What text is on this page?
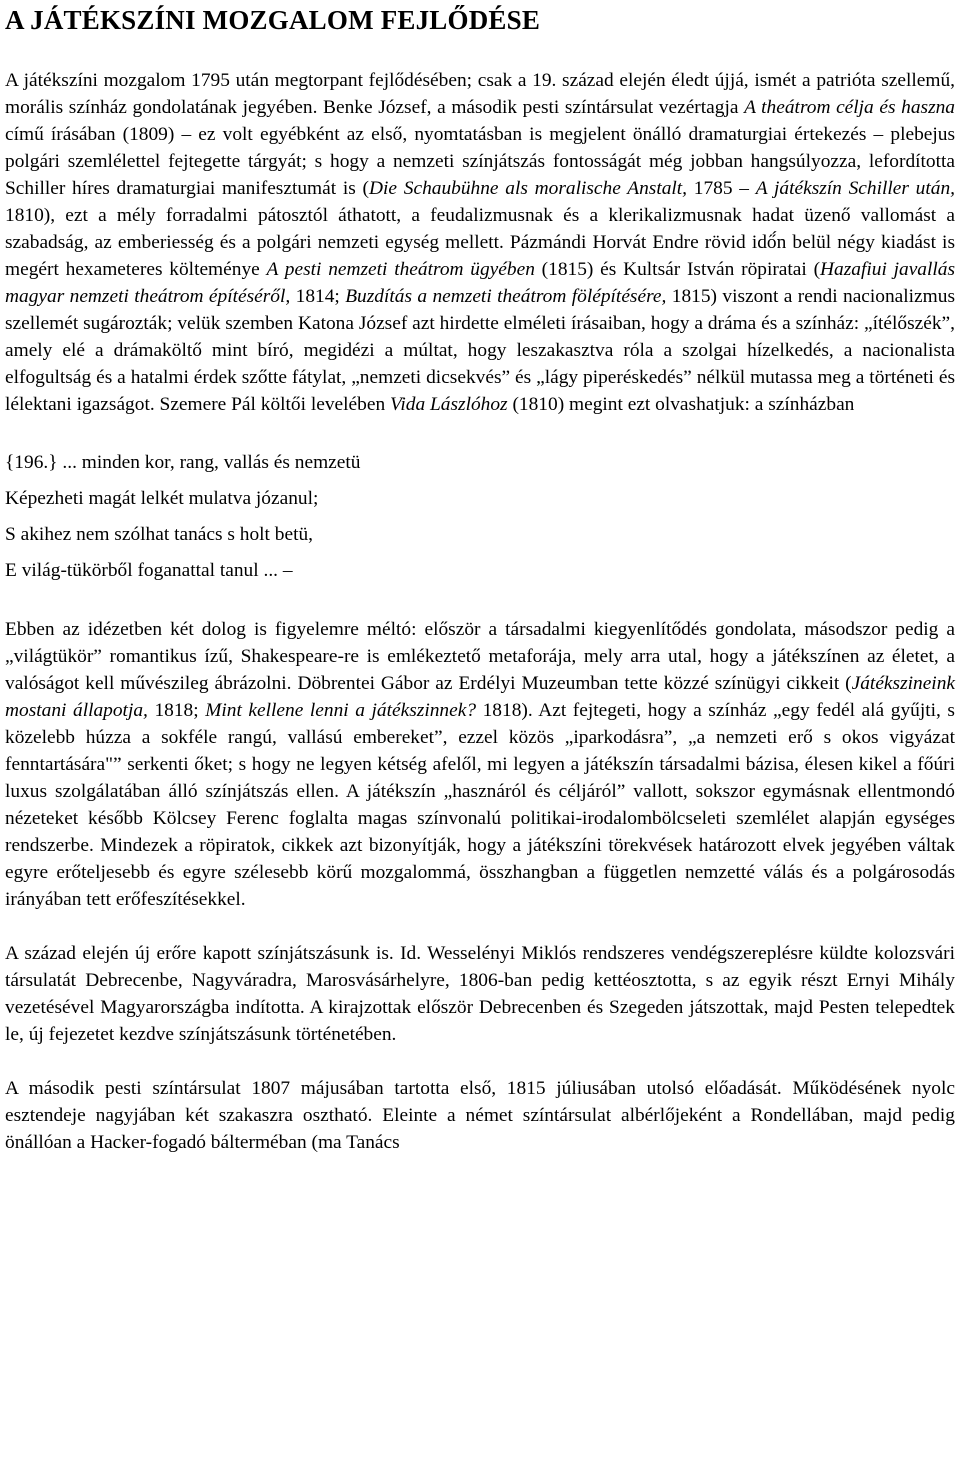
A JÁTÉKSZÍNI MOZGALOM FEJLŐDÉSE

A játékszíni mozgalom 1795 után megtorpant fejlődésében; csak a 19. század elején éledt újjá, ismét a patrióta szellemű, morális színház gondolatának jegyében. Benke József, a második pesti színtársulat vezértagja A theátrom célja és haszna című írásában (1809) – ez volt egyébként az első, nyomtatásban is megjelent önálló dramaturgiai értekezés – plebejus polgári szemlélettel fejtegette tárgyát; s hogy a nemzeti színjátszás fontosságát még jobban hangsúlyozza, lefordította Schiller híres dramaturgiai manifesztumát is (Die Schaubühne als moralische Anstalt, 1785 – A játékszín Schiller után, 1810), ezt a mély forradalmi pátosztól áthatott, a feudalizmusnak és a klerikalizmusnak hadat üzenő vallomást a szabadság, az emberiesség és a polgári nemzeti egység mellett. Pázmándi Horvát Endre rövid idő́n belül négy kiadást is megért hexameteres költeménye A pesti nemzeti theátrom ügyében (1815) és Kultsár István röpiratai (Hazafiui javallás magyar nemzeti theátrom építéséről, 1814; Buzdítás a nemzeti theátrom fölépítésére, 1815) viszont a rendi nacionalizmus szellemét sugározták; velük szemben Katona József azt hirdette elméleti írásaiban, hogy a dráma és a színház: „ítélőszék”, amely elé a drámaköltő mint bíró, megidézi a múltat, hogy leszakasztva róla a szolgai hízelkedés, a nacionalista elfogultság és a hatalmi érdek szőtte fátylat, „nemzeti dicsekvés” és „lágy piperéskedés” nélkül mutassa meg a történeti és lélektani igazságot. Szemere Pál költői levelében Vida Lászlóhoz (1810) megint ezt olvashatjuk: a színházban

{196.} ... minden kor, rang, vallás és nemzetü

Képezheti magát lelkét mulatva józanul;

S akihez nem szólhat tanács s holt betü,

E világ-tükörből foganattal tanul ... –

Ebben az idézetben két dolog is figyelemre méltó: először a társadalmi kiegyenlítődés gondolata, másodszor pedig a „világtükör” romantikus ízű, Shakespeare-re is emlékeztető metaforája, mely arra utal, hogy a játékszínen az életet, a valóságot kell művészileg ábrázolni. Döbrentei Gábor az Erdélyi Muzeumban tette közzé színügyi cikkeit (Játékszineink mostani állapotja, 1818; Mint kellene lenni a játékszinnek? 1818). Azt fejtegeti, hogy a színház „egy fedél alá gyűjti, s közelebb húzza a sokféle rangú, vallású embereket”, ezzel közös „iparkodásra”, „a nemzeti erő s okos vigyázat fenntartására"” serkenti őket; s hogy ne legyen kétség afelől, mi legyen a játékszín társadalmi bázisa, élesen kikel a főúri luxus szolgálatában álló színjátszás ellen. A játékszín „hasznáról és céljáról” vallott, sokszor egymásnak ellentmondó nézeteket később Kölcsey Ferenc foglalta magas színvonalú politikai-irodalombölcseleti szemlélet alapján egységes rendszerbe. Mindezek a röpiratok, cikkek azt bizonyítják, hogy a játékszíni törekvések határozott elvek jegyében váltak egyre erőteljesebb és egyre szélesebb körű mozgalommá, összhangban a független nemzetté válás és a polgárosodás irányában tett erőfeszítésekkel.

A század elején új erőre kapott színjátszásunk is. Id. Wesselényi Miklós rendszeres vendégszereplésre küldte kolozsvári társulatát Debrecenbe, Nagyváradra, Marosvásárhelyre, 1806-ban pedig kettéosztotta, s az egyik részt Ernyi Mihály vezetésével Magyarországba indította. A kirajzottak először Debrecenben és Szegeden játszottak, majd Pesten telepedtek le, új fejezetet kezdve színjátszásunk történetében.

A második pesti színtársulat 1807 májusában tartotta első, 1815 júliusában utolsó előadását. Működésének nyolc esztendeje nagyjában két szakaszra osztható. Eleinte a német színtársulat albérlőjeként a Rondellában, majd pedig önállóan a Hacker-fogadó bálterméban (ma Tanács
